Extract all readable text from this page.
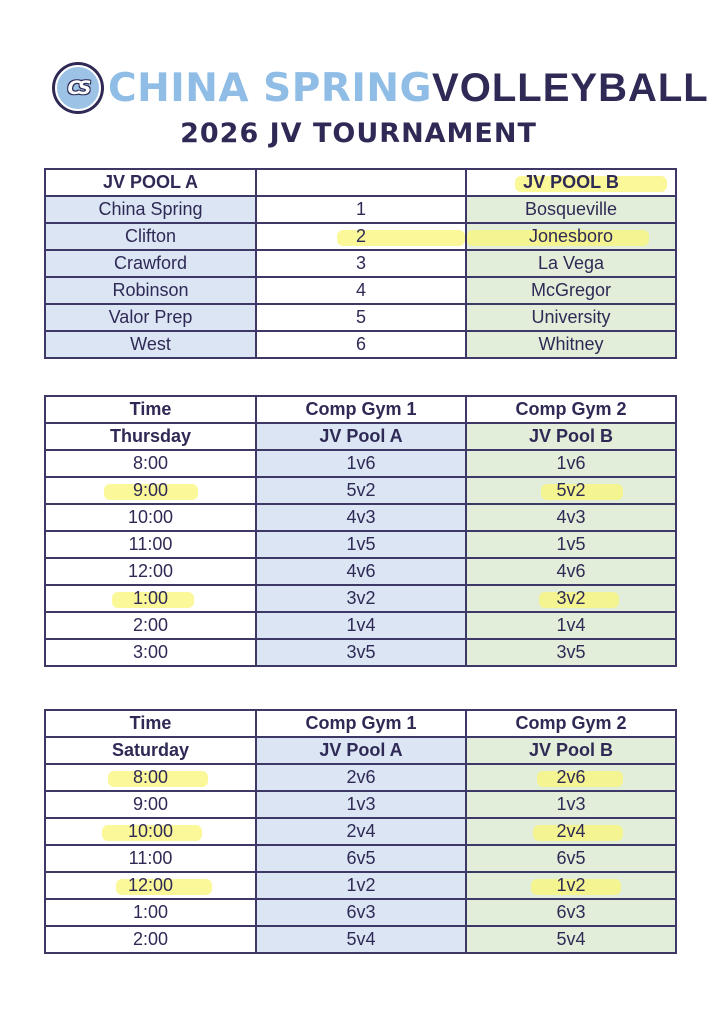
CS CHINA SPRING VOLLEYBALL
2026 JV TOURNAMENT
JV POOL A		JV POOL B
China Spring	1	Bosqueville
Clifton	2	Jonesboro
Crawford	3	La Vega
Robinson	4	McGregor
Valor Prep	5	University
West	6	Whitney
Time	Comp Gym 1	Comp Gym 2
Thursday	JV Pool A	JV Pool B
8:00	1v6	1v6

9:00	5v2	5v2
10:00	4v3	4v3
11:00	1v5	1v5
12:00	4v6	4v6

1:00	3v2	3v2
2:00	1v4	1v4
3:00	3v5	3v5
Time	Comp Gym 1	Comp Gym 2
Saturday	JV Pool A	JV Pool B

8:00	2v6	2v6
9:00	1v3	1v3

10:00	2v4	2v4
11:00	6v5	6v5

12:00	1v2	1v2
1:00	6v3	6v3
2:00	5v4	5v4
